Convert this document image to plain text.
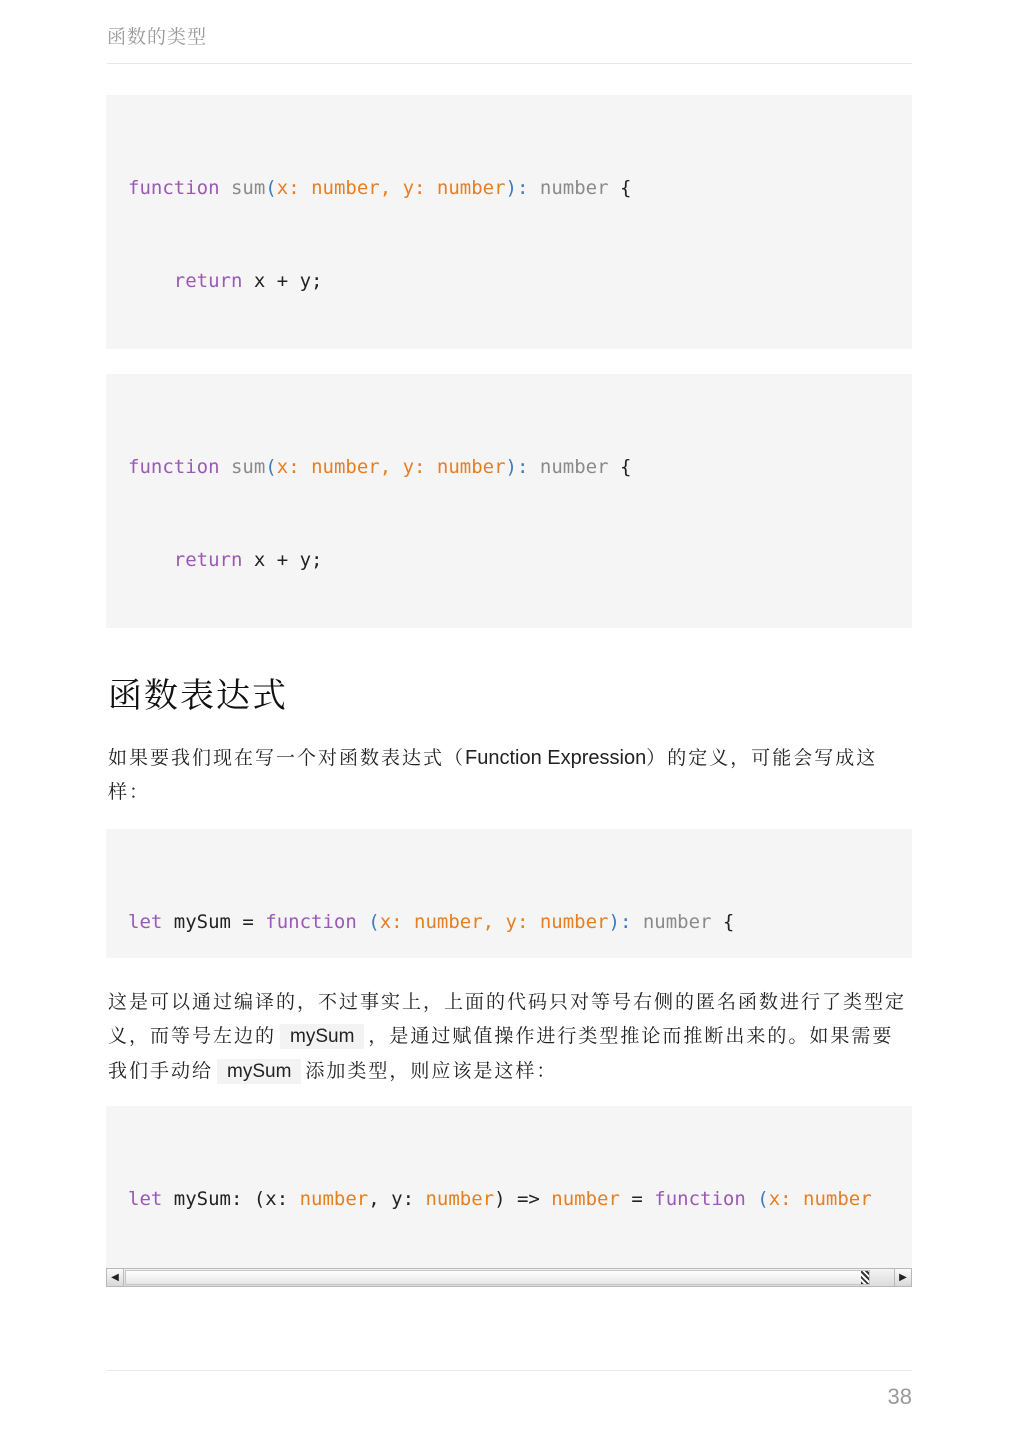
函数的类型

function sum(x: number, y: number): number {

return x + y;

function sum(x: number, y: number): number {

return x + y;

函数表达式
如果要我们现在写一个对函数表达式（Function Expression）的定义，可能会写成这样：

let mySum = function (x: number, y: number): number {

这是可以通过编译的，不过事实上，上面的代码只对等号右侧的匿名函数进行了类型定义，而等号左边的 mySum ，是通过赋值操作进行类型推论而推断出来的。如果需要我们手动给 mySum 添加类型，则应该是这样：

let mySum: (x: number, y: number) => number = function (x: number

◀	▶
38
